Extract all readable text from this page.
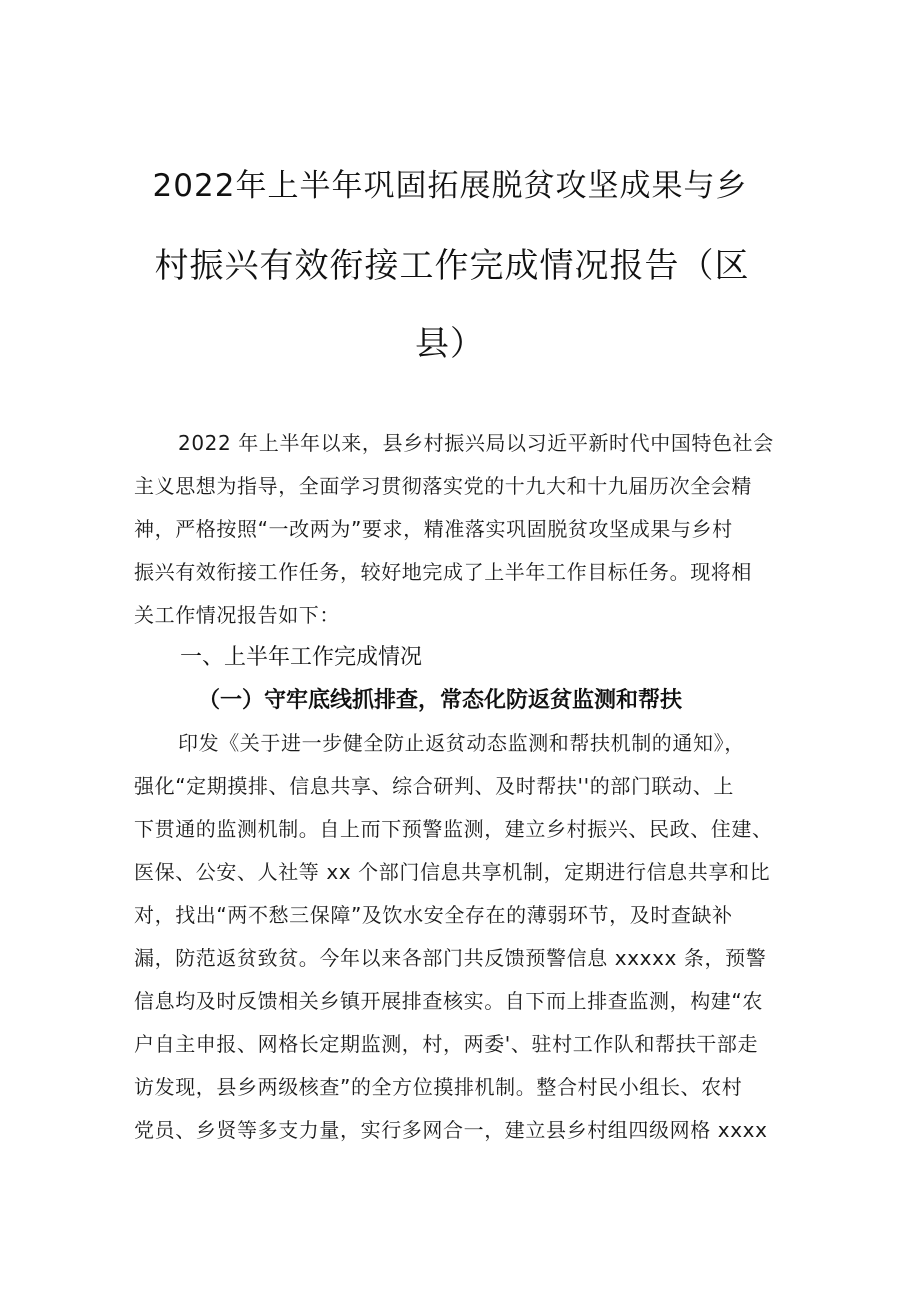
2022年上半年巩固拓展脱贫攻坚成果与乡
村振兴有效衔接工作完成情况报告（区
县）
2022 年上半年以来，县乡村振兴局以习近平新时代中国特色社会
主义思想为指导，全面学习贯彻落实党的十九大和十九届历次全会精
神，严格按照“一改两为”要求，精准落实巩固脱贫攻坚成果与乡村
振兴有效衔接工作任务，较好地完成了上半年工作目标任务。现将相
关工作情况报告如下：
一、上半年工作完成情况
（一）守牢底线抓排查，常态化防返贫监测和帮扶
印发《关于进一步健全防止返贫动态监测和帮扶机制的通知》，
强化“定期摸排、信息共享、综合研判、及时帮扶''的部门联动、上
下贯通的监测机制。自上而下预警监测，建立乡村振兴、民政、住建、
医保、公安、人社等 xx 个部门信息共享机制，定期进行信息共享和比
对，找出“两不愁三保障”及饮水安全存在的薄弱环节，及时查缺补
漏，防范返贫致贫。今年以来各部门共反馈预警信息 xxxxx 条，预警
信息均及时反馈相关乡镇开展排查核实。自下而上排查监测，构建“农
户自主申报、网格长定期监测，村，两委'、驻村工作队和帮扶干部走
访发现，县乡两级核查”的全方位摸排机制。整合村民小组长、农村
党员、乡贤等多支力量，实行多网合一，建立县乡村组四级网格 xxxx
